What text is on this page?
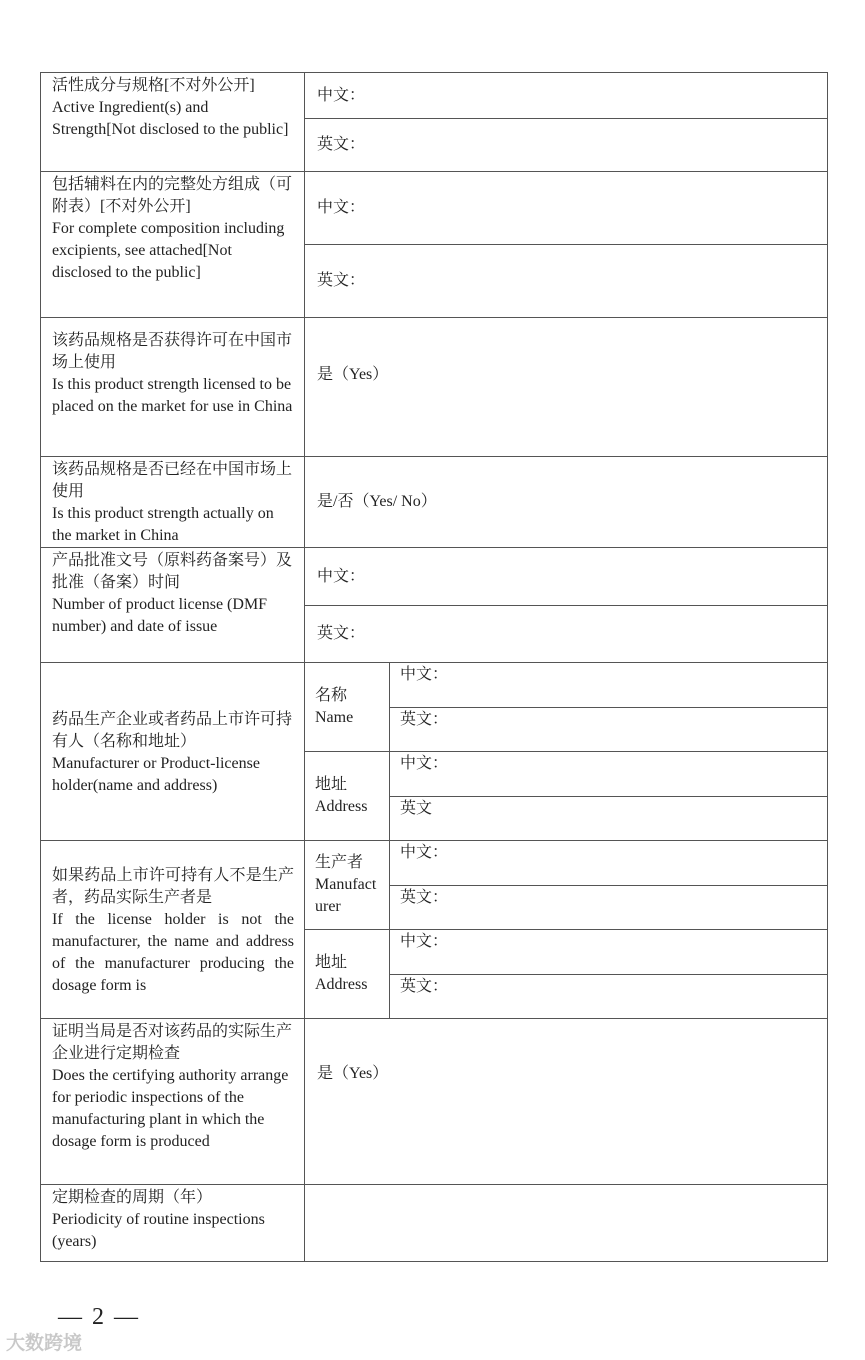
活性成分与规格[不对外公开]
Active Ingredient(s) and Strength[Not disclosed to the public]	中文：	
	英文：	

包括辅料在内的完整处方组成（可附表）[不对外公开]
For complete composition including excipients, see attached[Not disclosed to the public]	中文：	
	英文：	

该药品规格是否获得许可在中国市场上使用
Is this product strength licensed to be placed on the market for use in China	是（Yes）	

该药品规格是否已经在中国市场上使用
Is this product strength actually on the market in China	是/否（Yes/ No）	

产品批准文号（原料药备案号）及批准（备案）时间
Number of product license (DMF number) and date of issue	中文：	
	英文：	

药品生产企业或者药品上市许可持有人（名称和地址）
Manufacturer or Product-license holder(name and address)	名称
Name	中文：
		英文：

	地址
Address	中文：
		英文

如果药品上市许可持有人不是生产者，药品实际生产者是
If the license holder is not the manufacturer, the name and address of the manufacturer producing the dosage form is	生产者
Manufacturer	中文：
		英文：

	地址
Address	中文：
		英文：

证明当局是否对该药品的实际生产企业进行定期检查
Does the certifying authority arrange for periodic inspections of the manufacturing plant in which the dosage form is produced	是（Yes）	

定期检查的周期（年）
Periodicity of routine inspections (years)		

— 2 —
大数跨境
